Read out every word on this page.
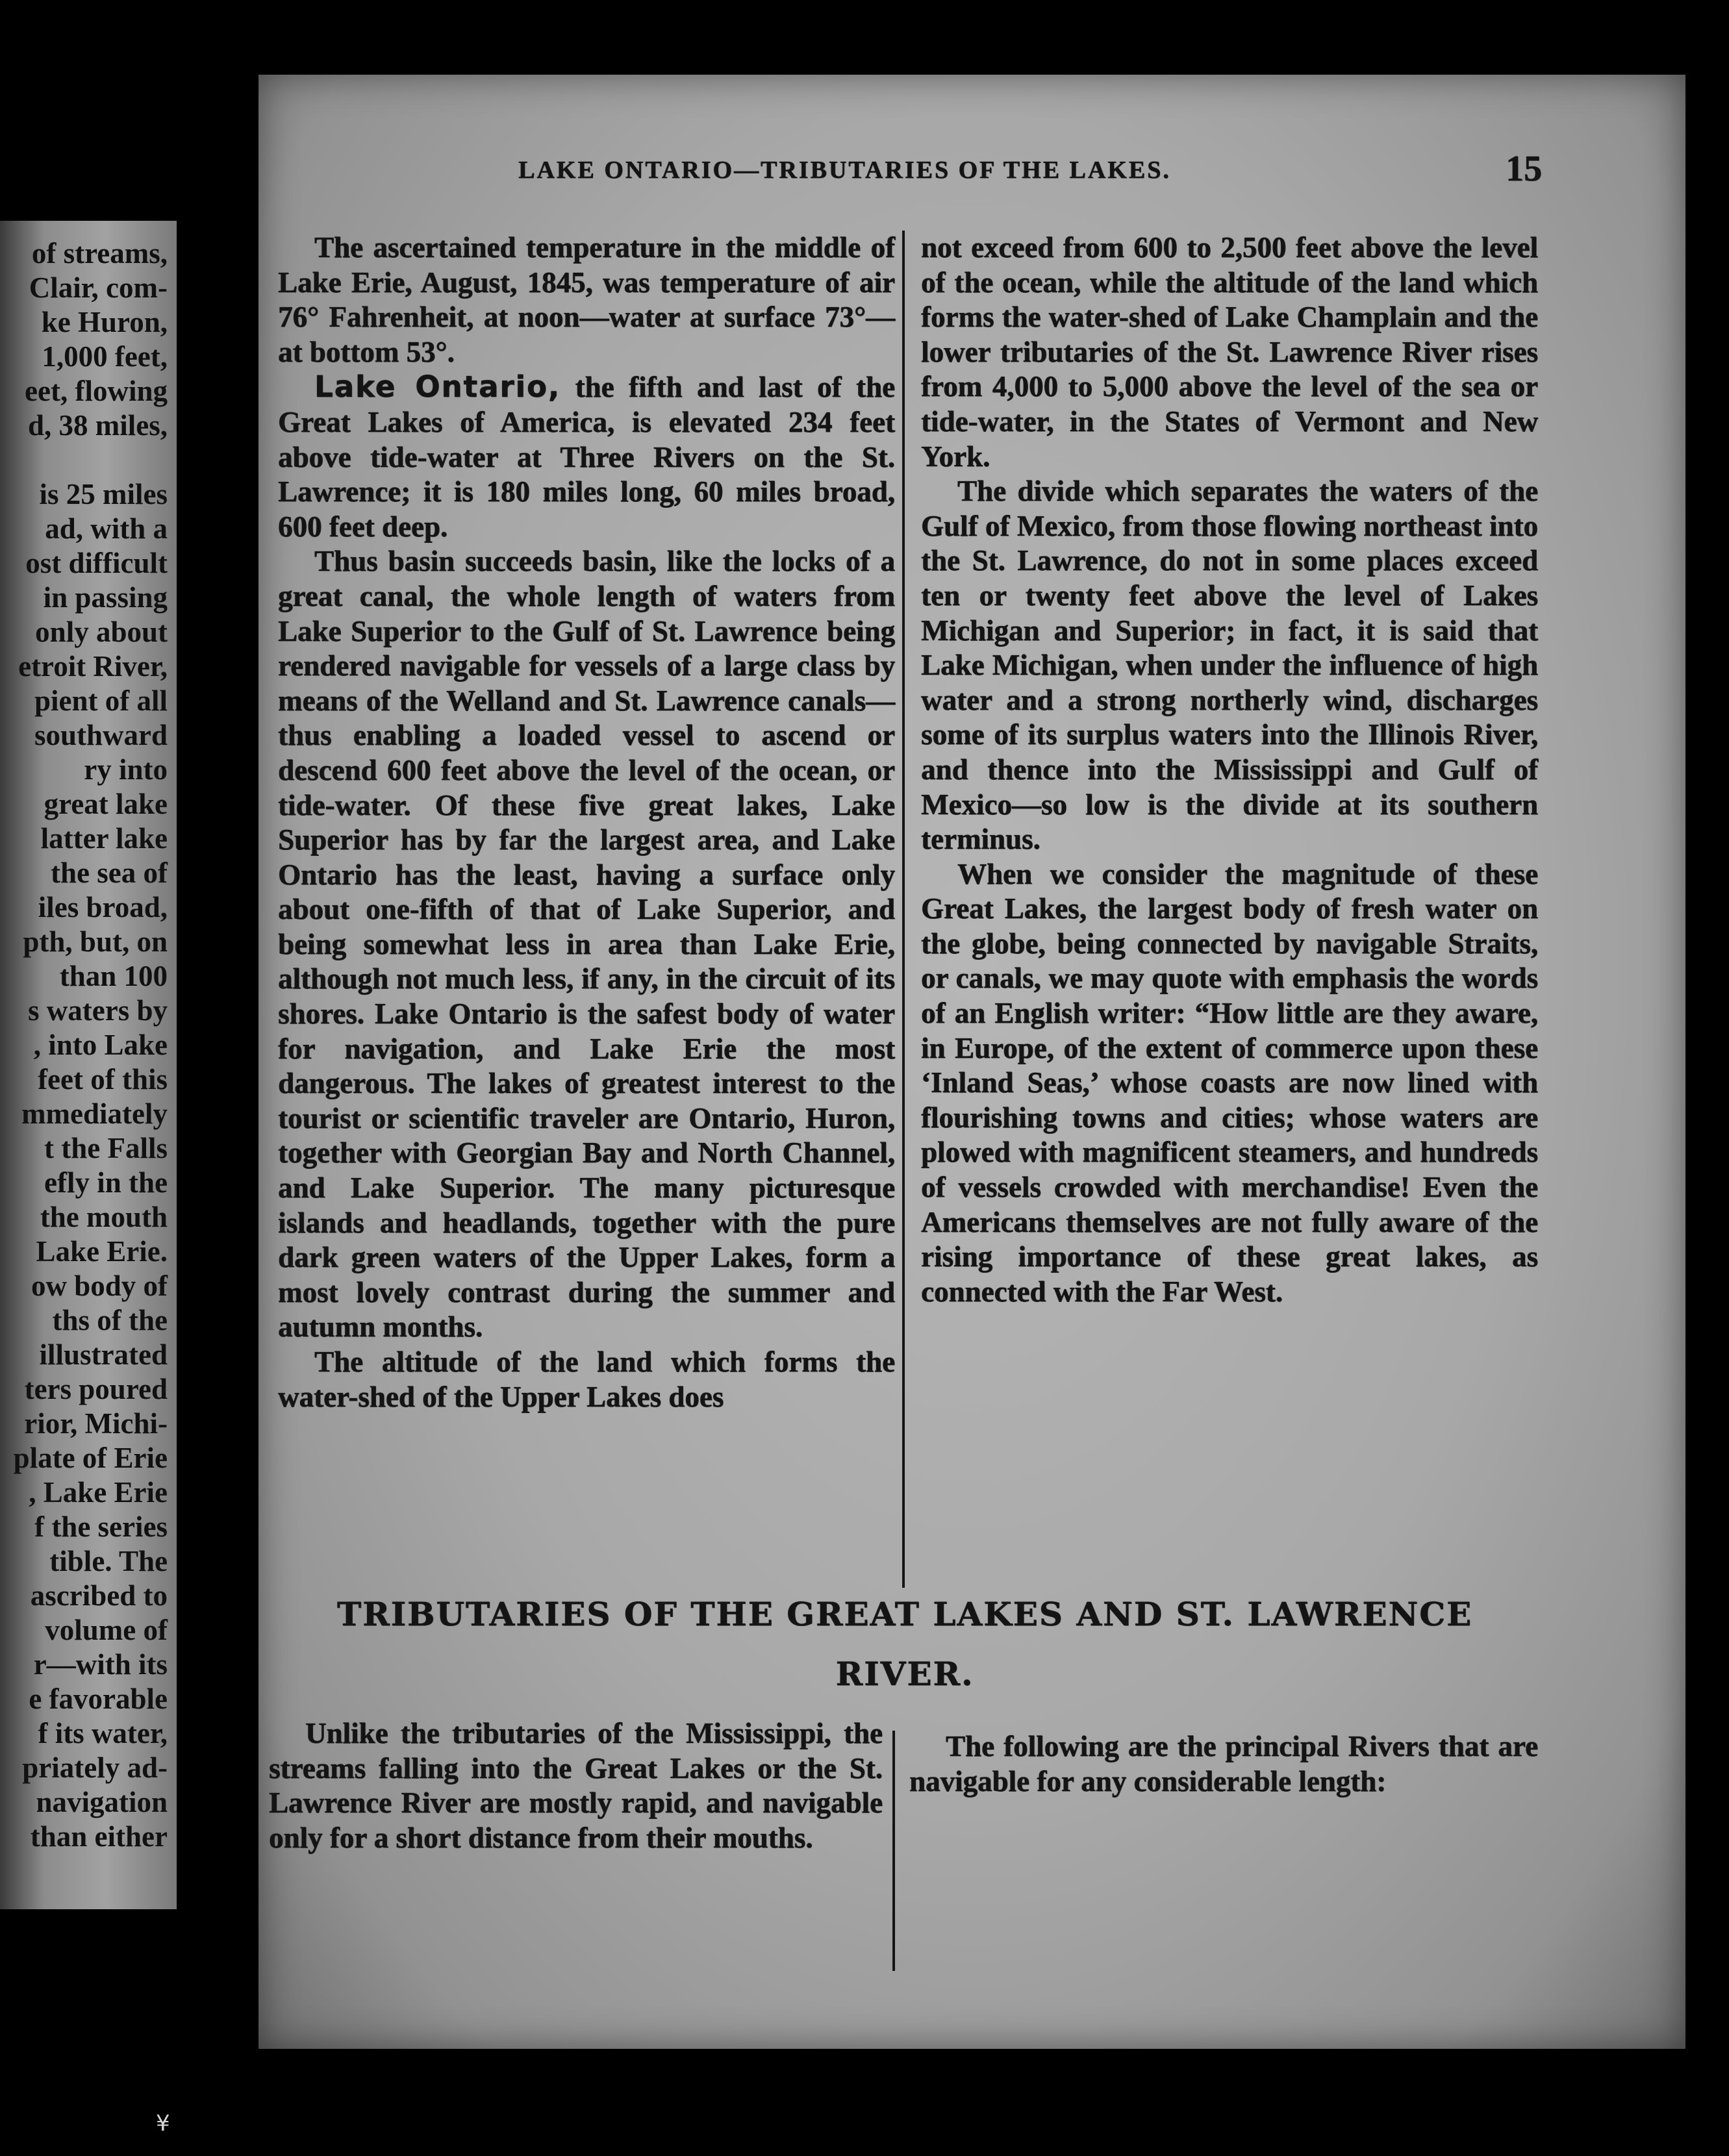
of streams,
Clair, com-
ke Huron,
1,000 feet,
eet, flowing
d, 38 miles,
is 25 miles
ad, with a
ost difficult
in passing
only about
etroit River,
pient of all
southward
ry into
great lake
latter lake
the sea of
iles broad,
pth, but, on
than 100
s waters by
, into Lake
feet of this
mmediately
t the Falls
efly in the
the mouth
Lake Erie.
ow body of
ths of the
illustrated
ters poured
rior, Michi-
plate of Erie
, Lake Erie
f the series
tible. The
ascribed to
volume of
r—with its
e favorable
f its water,
priately ad-
navigation
than either
LAKE ONTARIO—TRIBUTARIES OF THE LAKES.	15

The ascertained temperature in the middle of Lake Erie, August, 1845, was temperature of air 76° Fahrenheit, at noon—water at surface 73°—at bottom 53°.

Lake Ontario, the fifth and last of the Great Lakes of America, is elevated 234 feet above tide-water at Three Rivers on the St. Lawrence; it is 180 miles long, 60 miles broad, 600 feet deep.

Thus basin succeeds basin, like the locks of a great canal, the whole length of waters from Lake Superior to the Gulf of St. Lawrence being rendered navigable for vessels of a large class by means of the Welland and St. Lawrence canals—thus enabling a loaded vessel to ascend or descend 600 feet above the level of the ocean, or tide-water. Of these five great lakes, Lake Superior has by far the largest area, and Lake Ontario has the least, having a surface only about one-fifth of that of Lake Superior, and being somewhat less in area than Lake Erie, although not much less, if any, in the circuit of its shores. Lake Ontario is the safest body of water for navigation, and Lake Erie the most dangerous. The lakes of greatest interest to the tourist or scientific traveler are Ontario, Huron, together with Georgian Bay and North Channel, and Lake Superior. The many picturesque islands and headlands, together with the pure dark green waters of the Upper Lakes, form a most lovely contrast during the summer and autumn months.

The altitude of the land which forms the water-shed of the Upper Lakes does

not exceed from 600 to 2,500 feet above the level of the ocean, while the altitude of the land which forms the water-shed of Lake Champlain and the lower tributaries of the St. Lawrence River rises from 4,000 to 5,000 above the level of the sea or tide-water, in the States of Vermont and New York.

The divide which separates the waters of the Gulf of Mexico, from those flowing northeast into the St. Lawrence, do not in some places exceed ten or twenty feet above the level of Lakes Michigan and Superior; in fact, it is said that Lake Michigan, when under the influence of high water and a strong northerly wind, discharges some of its surplus waters into the Illinois River, and thence into the Mississippi and Gulf of Mexico—so low is the divide at its southern terminus.

When we consider the magnitude of these Great Lakes, the largest body of fresh water on the globe, being connected by navigable Straits, or canals, we may quote with emphasis the words of an English writer: “How little are they aware, in Europe, of the extent of commerce upon these ‘Inland Seas,’ whose coasts are now lined with flourishing towns and cities; whose waters are plowed with magnificent steamers, and hundreds of vessels crowded with merchandise! Even the Americans themselves are not fully aware of the rising importance of these great lakes, as connected with the Far West.

TRIBUTARIES OF THE GREAT LAKES AND ST. LAWRENCE RIVER.

Unlike the tributaries of the Mississippi, the streams falling into the Great Lakes or the St. Lawrence River are mostly rapid, and navigable only for a short distance from their mouths.

The following are the principal Rivers that are navigable for any considerable length:

¥
